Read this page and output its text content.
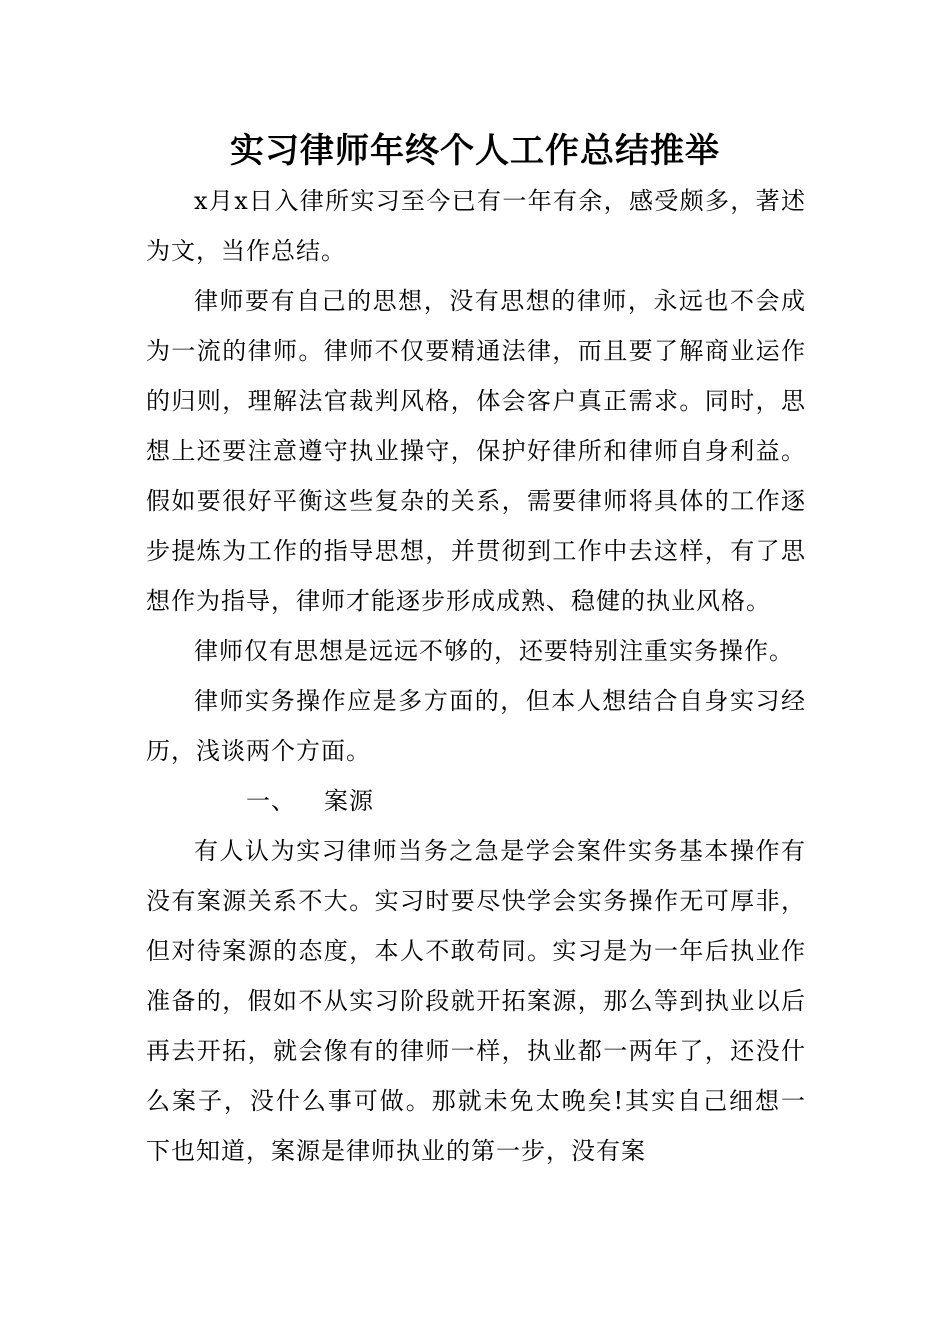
实习律师年终个人工作总结推举

x月x日入律所实习至今已有一年有余，感受颇多，著述为文，当作总结。

律师要有自己的思想，没有思想的律师，永远也不会成为一流的律师。律师不仅要精通法律，而且要了解商业运作的归则，理解法官裁判风格，体会客户真正需求。同时，思想上还要注意遵守执业操守，保护好律所和律师自身利益。假如要很好平衡这些复杂的关系，需要律师将具体的工作逐步提炼为工作的指导思想，并贯彻到工作中去这样，有了思想作为指导，律师才能逐步形成成熟、稳健的执业风格。

律师仅有思想是远远不够的，还要特别注重实务操作。

律师实务操作应是多方面的，但本人想结合自身实习经历，浅谈两个方面。

一、 案源

有人认为实习律师当务之急是学会案件实务基本操作有没有案源关系不大。实习时要尽快学会实务操作无可厚非，但对待案源的态度，本人不敢苟同。实习是为一年后执业作准备的，假如不从实习阶段就开拓案源，那么等到执业以后再去开拓，就会像有的律师一样，执业都一两年了，还没什么案子，没什么事可做。那就未免太晚矣!其实自己细想一下也知道，案源是律师执业的第一步，没有案
